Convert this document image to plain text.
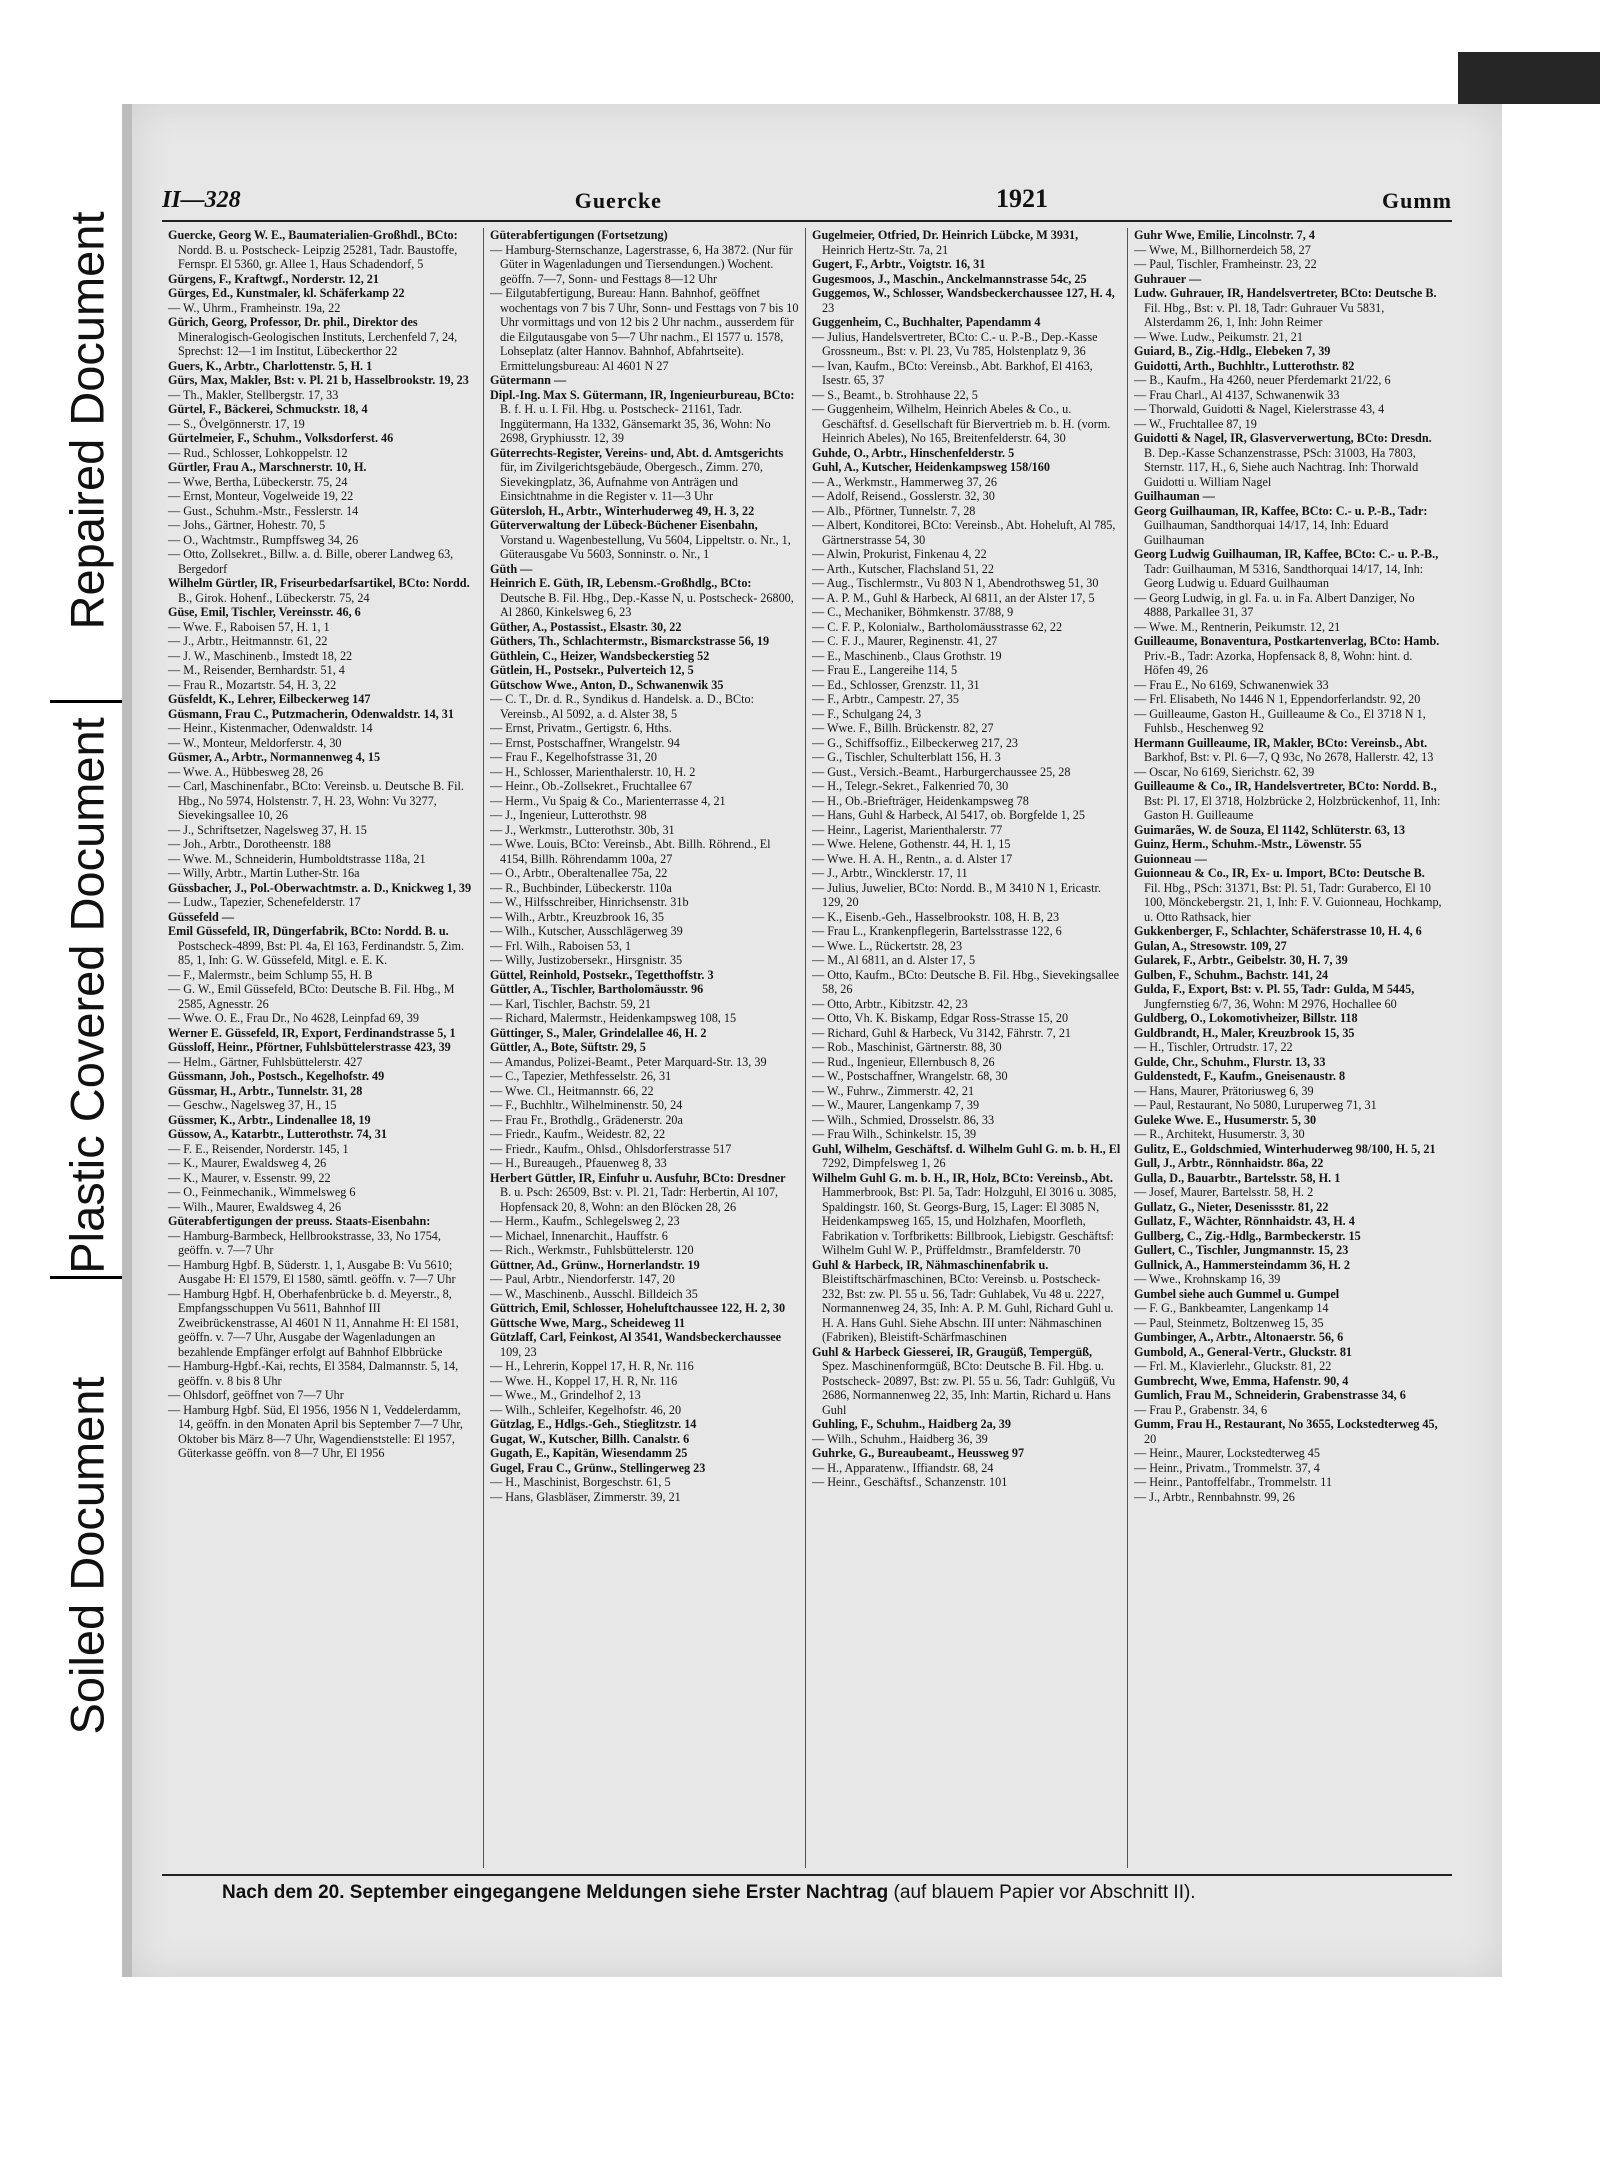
Repaired Document
Plastic Covered Document
Soiled Document
II—328	Guercke	1921	Gumm

Guercke, Georg W. E., Baumaterialien-Großhdl., BCto: Nordd. B. u. Postscheck- Leipzig 25281, Tadr. Baustoffe, Fernspr. El 5360, gr. Allee 1, Haus Schadendorf, 5

Gürgens, F., Kraftwgf., Norderstr. 12, 21

Gürges, Ed., Kunstmaler, kl. Schäferkamp 22

— W., Uhrm., Framheinstr. 19a, 22

Gürich, Georg, Professor, Dr. phil., Direktor des Mineralogisch-Geologischen Instituts, Lerchenfeld 7, 24, Sprechst: 12—1 im Institut, Lübeckerthor 22

Guers, K., Arbtr., Charlottenstr. 5, H. 1

Gürs, Max, Makler, Bst: v. Pl. 21 b, Hasselbrookstr. 19, 23

— Th., Makler, Stellbergstr. 17, 33

Gürtel, F., Bäckerei, Schmuckstr. 18, 4

— S., Övelgönnerstr. 17, 19

Gürtelmeier, F., Schuhm., Volksdorferst. 46

— Rud., Schlosser, Lohkoppelstr. 12

Gürtler, Frau A., Marschnerstr. 10, H.

— Wwe, Bertha, Lübeckerstr. 75, 24

— Ernst, Monteur, Vogelweide 19, 22

— Gust., Schuhm.-Mstr., Fesslerstr. 14

— Johs., Gärtner, Hohestr. 70, 5

— O., Wachtmstr., Rumpffsweg 34, 26

— Otto, Zollsekret., Billw. a. d. Bille, oberer Landweg 63, Bergedorf

Wilhelm Gürtler, IR, Friseurbedarfsartikel, BCto: Nordd. B., Girok. Hohenf., Lübeckerstr. 75, 24

Güse, Emil, Tischler, Vereinsstr. 46, 6

— Wwe. F., Raboisen 57, H. 1, 1

— J., Arbtr., Heitmannstr. 61, 22

— J. W., Maschinenb., Imstedt 18, 22

— M., Reisender, Bernhardstr. 51, 4

— Frau R., Mozartstr. 54, H. 3, 22

Güsfeldt, K., Lehrer, Eilbeckerweg 147

Güsmann, Frau C., Putzmacherin, Odenwaldstr. 14, 31

— Heinr., Kistenmacher, Odenwaldstr. 14

— W., Monteur, Meldorferstr. 4, 30

Güsmer, A., Arbtr., Normannenweg 4, 15

— Wwe. A., Hübbesweg 28, 26

— Carl, Maschinenfabr., BCto: Vereinsb. u. Deutsche B. Fil. Hbg., No 5974, Holstenstr. 7, H. 23, Wohn: Vu 3277, Sievekingsallee 10, 26

— J., Schriftsetzer, Nagelsweg 37, H. 15

— Joh., Arbtr., Dorotheenstr. 188

— Wwe. M., Schneiderin, Humboldtstrasse 118a, 21

— Willy, Arbtr., Martin Luther-Str. 16a

Güssbacher, J., Pol.-Oberwachtmstr. a. D., Knickweg 1, 39

— Ludw., Tapezier, Schenefelderstr. 17

Güssefeld —

Emil Güssefeld, IR, Düngerfabrik, BCto: Nordd. B. u. Postscheck-4899, Bst: Pl. 4a, El 163, Ferdinandstr. 5, Zim. 85, 1, Inh: G. W. Güssefeld, Mitgl. e. E. K.

— F., Malermstr., beim Schlump 55, H. B

— G. W., Emil Güssefeld, BCto: Deutsche B. Fil. Hbg., M 2585, Agnesstr. 26

— Wwe. O. E., Frau Dr., No 4628, Leinpfad 69, 39

Werner E. Güssefeld, IR, Export, Ferdinandstrasse 5, 1

Güssloff, Heinr., Pförtner, Fuhlsbüttelerstrasse 423, 39

— Helm., Gärtner, Fuhlsbüttelerstr. 427

Güssmann, Joh., Postsch., Kegelhofstr. 49

Güssmar, H., Arbtr., Tunnelstr. 31, 28

— Geschw., Nagelsweg 37, H., 15

Güssmer, K., Arbtr., Lindenallee 18, 19

Güssow, A., Katarbtr., Lutterothstr. 74, 31

— F. E., Reisender, Norderstr. 145, 1

— K., Maurer, Ewaldsweg 4, 26

— K., Maurer, v. Essenstr. 99, 22

— O., Feinmechanik., Wimmelsweg 6

— Wilh., Maurer, Ewaldsweg 4, 26

Güterabfertigungen der preuss. Staats-Eisenbahn:

— Hamburg-Barmbeck, Hellbrookstrasse, 33, No 1754, geöffn. v. 7—7 Uhr

— Hamburg Hgbf. B, Süderstr. 1, 1, Ausgabe B: Vu 5610; Ausgabe H: El 1579, El 1580, sämtl. geöffn. v. 7—7 Uhr

— Hamburg Hgbf. H, Oberhafenbrücke b. d. Meyerstr., 8, Empfangsschuppen Vu 5611, Bahnhof III Zweibrückenstrasse, Al 4601 N 11, Annahme H: El 1581, geöffn. v. 7—7 Uhr, Ausgabe der Wagenladungen an bezahlende Empfänger erfolgt auf Bahnhof Elbbrücke

— Hamburg-Hgbf.-Kai, rechts, El 3584, Dalmannstr. 5, 14, geöffn. v. 8 bis 8 Uhr

— Ohlsdorf, geöffnet von 7—7 Uhr

— Hamburg Hgbf. Süd, El 1956, 1956 N 1, Veddelerdamm, 14, geöffn. in den Monaten April bis September 7—7 Uhr, Oktober bis März 8—7 Uhr, Wagendienststelle: El 1957, Güterkasse geöffn. von 8—7 Uhr, El 1956

Güterabfertigungen (Fortsetzung)

— Hamburg-Sternschanze, Lagerstrasse, 6, Ha 3872. (Nur für Güter in Wagenladungen und Tiersendungen.) Wochent. geöffn. 7—7, Sonn- und Festtags 8—12 Uhr

— Eilgutabfertigung, Bureau: Hann. Bahnhof, geöffnet wochentags von 7 bis 7 Uhr, Sonn- und Festtags von 7 bis 10 Uhr vormittags und von 12 bis 2 Uhr nachm., ausserdem für die Eilgutausgabe von 5—7 Uhr nachm., El 1577 u. 1578, Lohseplatz (alter Hannov. Bahnhof, Abfahrtseite). Ermittelungsbureau: Al 4601 N 27

Gütermann —

Dipl.-Ing. Max S. Gütermann, IR, Ingenieurbureau, BCto: B. f. H. u. I. Fil. Hbg. u. Postscheck- 21161, Tadr. Inggütermann, Ha 1332, Gänsemarkt 35, 36, Wohn: No 2698, Gryphiusstr. 12, 39

Güterrechts-Register, Vereins- und, Abt. d. Amtsgerichts für, im Zivilgerichtsgebäude, Obergesch., Zimm. 270, Sievekingplatz, 36, Aufnahme von Anträgen und Einsichtnahme in die Register v. 11—3 Uhr

Gütersloh, H., Arbtr., Winterhuderweg 49, H. 3, 22

Güterverwaltung der Lübeck-Büchener Eisenbahn, Vorstand u. Wagenbestellung, Vu 5604, Lippeltstr. o. Nr., 1, Güterausgabe Vu 5603, Sonninstr. o. Nr., 1

Güth —

Heinrich E. Güth, IR, Lebensm.-Großhdlg., BCto: Deutsche B. Fil. Hbg., Dep.-Kasse N, u. Postscheck- 26800, Al 2860, Kinkelsweg 6, 23

Güther, A., Postassist., Elsastr. 30, 22

Güthers, Th., Schlachtermstr., Bismarckstrasse 56, 19

Güthlein, C., Heizer, Wandsbeckerstieg 52

Gütlein, H., Postsekr., Pulverteich 12, 5

Gütschow Wwe., Anton, D., Schwanenwik 35

— C. T., Dr. d. R., Syndikus d. Handelsk. a. D., BCto: Vereinsb., Al 5092, a. d. Alster 38, 5

— Ernst, Privatm., Gertigstr. 6, Hths.

— Ernst, Postschaffner, Wrangelstr. 94

— Frau F., Kegelhofstrasse 31, 20

— H., Schlosser, Marienthalerstr. 10, H. 2

— Heinr., Ob.-Zollsekret., Fruchtallee 67

— Herm., Vu Spaig & Co., Marienterrasse 4, 21

— J., Ingenieur, Lutterothstr. 98

— J., Werkmstr., Lutterothstr. 30b, 31

— Wwe. Louis, BCto: Vereinsb., Abt. Billh. Röhrend., El 4154, Billh. Röhrendamm 100a, 27

— O., Arbtr., Oberaltenallee 75a, 22

— R., Buchbinder, Lübeckerstr. 110a

— W., Hilfsschreiber, Hinrichsenstr. 31b

— Wilh., Arbtr., Kreuzbrook 16, 35

— Wilh., Kutscher, Ausschlägerweg 39

— Frl. Wilh., Raboisen 53, 1

— Willy, Justizobersekr., Hirsgnistr. 35

Güttel, Reinhold, Postsekr., Tegetthoffstr. 3

Güttler, A., Tischler, Bartholomäusstr. 96

— Karl, Tischler, Bachstr. 59, 21

— Richard, Malermstr., Heidenkampsweg 108, 15

Güttinger, S., Maler, Grindelallee 46, H. 2

Güttler, A., Bote, Süftstr. 29, 5

— Amandus, Polizei-Beamt., Peter Marquard-Str. 13, 39

— C., Tapezier, Methfesselstr. 26, 31

— Wwe. Cl., Heitmannstr. 66, 22

— F., Buchhltr., Wilhelminenstr. 50, 24

— Frau Fr., Brothdlg., Grädenerstr. 20a

— Friedr., Kaufm., Weidestr. 82, 22

— Friedr., Kaufm., Ohlsd., Ohlsdorferstrasse 517

— H., Bureaugeh., Pfauenweg 8, 33

Herbert Güttler, IR, Einfuhr u. Ausfuhr, BCto: Dresdner B. u. Psch: 26509, Bst: v. Pl. 21, Tadr: Herbertin, Al 107, Hopfensack 20, 8, Wohn: an den Blöcken 28, 26

— Herm., Kaufm., Schlegelsweg 2, 23

— Michael, Innenarchit., Hauffstr. 6

— Rich., Werkmstr., Fuhlsbüttelerstr. 120

Güttner, Ad., Grünw., Hornerlandstr. 19

— Paul, Arbtr., Niendorferstr. 147, 20

— W., Maschinenb., Ausschl. Billdeich 35

Güttrich, Emil, Schlosser, Hoheluftchaussee 122, H. 2, 30

Güttsche Wwe, Marg., Scheideweg 11

Gützlaff, Carl, Feinkost, Al 3541, Wandsbeckerchaussee 109, 23

— H., Lehrerin, Koppel 17, H. R, Nr. 116

— Wwe. H., Koppel 17, H. R, Nr. 116

— Wwe., M., Grindelhof 2, 13

— Wilh., Schleifer, Kegelhofstr. 46, 20

Gützlag, E., Hdlgs.-Geh., Stieglitzstr. 14

Gugat, W., Kutscher, Billh. Canalstr. 6

Gugath, E., Kapitän, Wiesendamm 25

Gugel, Frau C., Grünw., Stellingerweg 23

— H., Maschinist, Borgeschstr. 61, 5

— Hans, Glasbläser, Zimmerstr. 39, 21

Gugelmeier, Otfried, Dr. Heinrich Lübcke, M 3931, Heinrich Hertz-Str. 7a, 21

Gugert, F., Arbtr., Voigtstr. 16, 31

Gugesmoos, J., Maschin., Anckelmannstrasse 54c, 25

Guggemos, W., Schlosser, Wandsbeckerchaussee 127, H. 4, 23

Guggenheim, C., Buchhalter, Papendamm 4

— Julius, Handelsvertreter, BCto: C.- u. P.-B., Dep.-Kasse Grossneum., Bst: v. Pl. 23, Vu 785, Holstenplatz 9, 36

— Ivan, Kaufm., BCto: Vereinsb., Abt. Barkhof, El 4163, Isestr. 65, 37

— S., Beamt., b. Strohhause 22, 5

— Guggenheim, Wilhelm, Heinrich Abeles & Co., u. Geschäftsf. d. Gesellschaft für Biervertrieb m. b. H. (vorm. Heinrich Abeles), No 165, Breitenfelderstr. 64, 30

Guhde, O., Arbtr., Hinschenfelderstr. 5

Guhl, A., Kutscher, Heidenkampsweg 158/160

— A., Werkmstr., Hammerweg 37, 26

— Adolf, Reisend., Gosslerstr. 32, 30

— Alb., Pförtner, Tunnelstr. 7, 28

— Albert, Konditorei, BCto: Vereinsb., Abt. Hoheluft, Al 785, Gärtnerstrasse 54, 30

— Alwin, Prokurist, Finkenau 4, 22

— Arth., Kutscher, Flachsland 51, 22

— Aug., Tischlermstr., Vu 803 N 1, Abendrothsweg 51, 30

— A. P. M., Guhl & Harbeck, Al 6811, an der Alster 17, 5

— C., Mechaniker, Böhmkenstr. 37/88, 9

— C. F. P., Kolonialw., Bartholomäusstrasse 62, 22

— C. F. J., Maurer, Reginenstr. 41, 27

— E., Maschinenb., Claus Grothstr. 19

— Frau E., Langereihe 114, 5

— Ed., Schlosser, Grenzstr. 11, 31

— F., Arbtr., Campestr. 27, 35

— F., Schulgang 24, 3

— Wwe. F., Billh. Brückenstr. 82, 27

— G., Schiffsoffiz., Eilbeckerweg 217, 23

— G., Tischler, Schulterblatt 156, H. 3

— Gust., Versich.-Beamt., Harburgerchaussee 25, 28

— H., Telegr.-Sekret., Falkenried 70, 30

— H., Ob.-Briefträger, Heidenkampsweg 78

— Hans, Guhl & Harbeck, Al 5417, ob. Borgfelde 1, 25

— Heinr., Lagerist, Marienthalerstr. 77

— Wwe. Helene, Gothenstr. 44, H. 1, 15

— Wwe. H. A. H., Rentn., a. d. Alster 17

— J., Arbtr., Wincklerstr. 17, 11

— Julius, Juwelier, BCto: Nordd. B., M 3410 N 1, Ericastr. 129, 20

— K., Eisenb.-Geh., Hasselbrookstr. 108, H. B, 23

— Frau L., Krankenpflegerin, Bartelsstrasse 122, 6

— Wwe. L., Rückertstr. 28, 23

— M., Al 6811, an d. Alster 17, 5

— Otto, Kaufm., BCto: Deutsche B. Fil. Hbg., Sievekingsallee 58, 26

— Otto, Arbtr., Kibitzstr. 42, 23

— Otto, Vh. K. Biskamp, Edgar Ross-Strasse 15, 20

— Richard, Guhl & Harbeck, Vu 3142, Fährstr. 7, 21

— Rob., Maschinist, Gärtnerstr. 88, 30

— Rud., Ingenieur, Ellernbusch 8, 26

— W., Postschaffner, Wrangelstr. 68, 30

— W., Fuhrw., Zimmerstr. 42, 21

— W., Maurer, Langenkamp 7, 39

— Wilh., Schmied, Drosselstr. 86, 33

— Frau Wilh., Schinkelstr. 15, 39

Guhl, Wilhelm, Geschäftsf. d. Wilhelm Guhl G. m. b. H., El 7292, Dimpfelsweg 1, 26

Wilhelm Guhl G. m. b. H., IR, Holz, BCto: Vereinsb., Abt. Hammerbrook, Bst: Pl. 5a, Tadr: Holzguhl, El 3016 u. 3085, Spaldingstr. 160, St. Georgs-Burg, 15, Lager: El 3085 N, Heidenkampsweg 165, 15, und Holzhafen, Moorfleth, Fabrikation v. Torfbriketts: Billbrook, Liebigstr. Geschäftsf: Wilhelm Guhl W. P., Prüffeldmstr., Bramfelderstr. 70

Guhl & Harbeck, IR, Nähmaschinenfabrik u. Bleistiftschärfmaschinen, BCto: Vereinsb. u. Postscheck- 232, Bst: zw. Pl. 55 u. 56, Tadr: Guhlabek, Vu 48 u. 2227, Normannenweg 24, 35, Inh: A. P. M. Guhl, Richard Guhl u. H. A. Hans Guhl. Siehe Abschn. III unter: Nähmaschinen (Fabriken), Bleistift-Schärfmaschinen

Guhl & Harbeck Giesserei, IR, Graugüß, Tempergüß, Spez. Maschinenformgüß, BCto: Deutsche B. Fil. Hbg. u. Postscheck- 20897, Bst: zw. Pl. 55 u. 56, Tadr: Guhlgüß, Vu 2686, Normannenweg 22, 35, Inh: Martin, Richard u. Hans Guhl

Guhling, F., Schuhm., Haidberg 2a, 39

— Wilh., Schuhm., Haidberg 36, 39

Guhrke, G., Bureaubeamt., Heussweg 97

— H., Apparatenw., Iffiandstr. 68, 24

— Heinr., Geschäftsf., Schanzenstr. 101

Guhr Wwe, Emilie, Lincolnstr. 7, 4

— Wwe, M., Billhornerdeich 58, 27

— Paul, Tischler, Framheinstr. 23, 22

Guhrauer —

Ludw. Guhrauer, IR, Handelsvertreter, BCto: Deutsche B. Fil. Hbg., Bst: v. Pl. 18, Tadr: Guhrauer Vu 5831, Alsterdamm 26, 1, Inh: John Reimer

— Wwe. Ludw., Peikumstr. 21, 21

Guiard, B., Zig.-Hdlg., Elebeken 7, 39

Guidotti, Arth., Buchhltr., Lutterothstr. 82

— B., Kaufm., Ha 4260, neuer Pferdemarkt 21/22, 6

— Frau Charl., Al 4137, Schwanenwik 33

— Thorwald, Guidotti & Nagel, Kielerstrasse 43, 4

— W., Fruchtallee 87, 19

Guidotti & Nagel, IR, Glasververwertung, BCto: Dresdn. B. Dep.-Kasse Schanzenstrasse, PSch: 31003, Ha 7803, Sternstr. 117, H., 6, Siehe auch Nachtrag. Inh: Thorwald Guidotti u. William Nagel

Guilhauman —

Georg Guilhauman, IR, Kaffee, BCto: C.- u. P.-B., Tadr: Guilhauman, Sandthorquai 14/17, 14, Inh: Eduard Guilhauman

Georg Ludwig Guilhauman, IR, Kaffee, BCto: C.- u. P.-B., Tadr: Guilhauman, M 5316, Sandthorquai 14/17, 14, Inh: Georg Ludwig u. Eduard Guilhauman

— Georg Ludwig, in gl. Fa. u. in Fa. Albert Danziger, No 4888, Parkallee 31, 37

— Wwe. M., Rentnerin, Peikumstr. 12, 21

Guilleaume, Bonaventura, Postkartenverlag, BCto: Hamb. Priv.-B., Tadr: Azorka, Hopfensack 8, 8, Wohn: hint. d. Höfen 49, 26

— Frau E., No 6169, Schwanenwiek 33

— Frl. Elisabeth, No 1446 N 1, Eppendorferlandstr. 92, 20

— Guilleaume, Gaston H., Guilleaume & Co., El 3718 N 1, Fuhlsb., Heschenweg 92

Hermann Guilleaume, IR, Makler, BCto: Vereinsb., Abt. Barkhof, Bst: v. Pl. 6—7, Q 93c, No 2678, Hallerstr. 42, 13

— Oscar, No 6169, Sierichstr. 62, 39

Guilleaume & Co., IR, Handelsvertreter, BCto: Nordd. B., Bst: Pl. 17, El 3718, Holzbrücke 2, Holzbrückenhof, 11, Inh: Gaston H. Guilleaume

Guimarães, W. de Souza, El 1142, Schlüterstr. 63, 13

Guinz, Herm., Schuhm.-Mstr., Löwenstr. 55

Guionneau —

Guionneau & Co., IR, Ex- u. Import, BCto: Deutsche B. Fil. Hbg., PSch: 31371, Bst: Pl. 51, Tadr: Guraberco, El 10 100, Mönckebergstr. 21, 1, Inh: F. V. Guionneau, Hochkamp, u. Otto Rathsack, hier

Gukkenberger, F., Schlachter, Schäferstrasse 10, H. 4, 6

Gulan, A., Stresowstr. 109, 27

Gularek, F., Arbtr., Geibelstr. 30, H. 7, 39

Gulben, F., Schuhm., Bachstr. 141, 24

Gulda, F., Export, Bst: v. Pl. 55, Tadr: Gulda, M 5445, Jungfernstieg 6/7, 36, Wohn: M 2976, Hochallee 60

Guldberg, O., Lokomotivheizer, Billstr. 118

Guldbrandt, H., Maler, Kreuzbrook 15, 35

— H., Tischler, Ortrudstr. 17, 22

Gulde, Chr., Schuhm., Flurstr. 13, 33

Guldenstedt, F., Kaufm., Gneisenaustr. 8

— Hans, Maurer, Prätoriusweg 6, 39

— Paul, Restaurant, No 5080, Luruperweg 71, 31

Guleke Wwe. E., Husumerstr. 5, 30

— R., Architekt, Husumerstr. 3, 30

Gulitz, E., Goldschmied, Winterhuderweg 98/100, H. 5, 21

Gull, J., Arbtr., Rönnhaidstr. 86a, 22

Gulla, D., Bauarbtr., Bartelsstr. 58, H. 1

— Josef, Maurer, Bartelsstr. 58, H. 2

Gullatz, G., Nieter, Desenissstr. 81, 22

Gullatz, F., Wächter, Rönnhaidstr. 43, H. 4

Gullberg, C., Zig.-Hdlg., Barmbeckerstr. 15

Gullert, C., Tischler, Jungmannstr. 15, 23

Gullnick, A., Hammersteindamm 36, H. 2

— Wwe., Krohnskamp 16, 39

Gumbel siehe auch Gummel u. Gumpel

— F. G., Bankbeamter, Langenkamp 14

— Paul, Steinmetz, Boltzenweg 15, 35

Gumbinger, A., Arbtr., Altonaerstr. 56, 6

Gumbold, A., General-Vertr., Gluckstr. 81

— Frl. M., Klavierlehr., Gluckstr. 81, 22

Gumbrecht, Wwe, Emma, Hafenstr. 90, 4

Gumlich, Frau M., Schneiderin, Grabenstrasse 34, 6

— Frau P., Grabenstr. 34, 6

Gumm, Frau H., Restaurant, No 3655, Lockstedterweg 45, 20

— Heinr., Maurer, Lockstedterweg 45

— Heinr., Privatm., Trommelstr. 37, 4

— Heinr., Pantoffelfabr., Trommelstr. 11

— J., Arbtr., Rennbahnstr. 99, 26

Nach dem 20. September eingegangene Meldungen siehe Erster Nachtrag (auf blauem Papier vor Abschnitt II).
